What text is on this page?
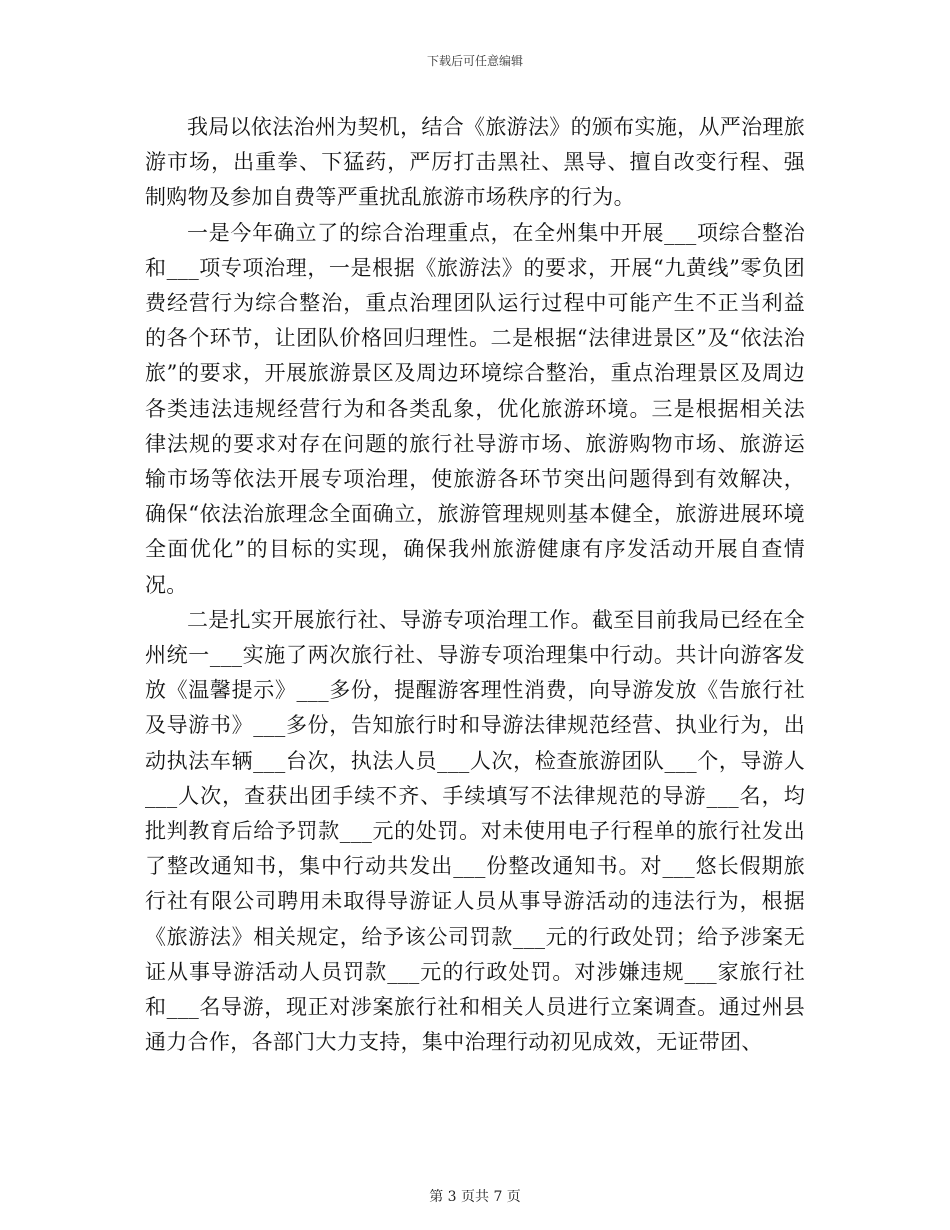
下载后可任意编辑

我局以依法治州为契机，结合《旅游法》的颁布实施，从严治理旅游市场，出重拳、下猛药，严厉打击黑社、黑导、擅自改变行程、强制购物及参加自费等严重扰乱旅游市场秩序的行为。

一是今年确立了的综合治理重点，在全州集中开展___项综合整治和___项专项治理，一是根据《旅游法》的要求，开展“九黄线”零负团费经营行为综合整治，重点治理团队运行过程中可能产生不正当利益的各个环节，让团队价格回归理性。二是根据“法律进景区”及“依法治旅”的要求，开展旅游景区及周边环境综合整治，重点治理景区及周边各类违法违规经营行为和各类乱象，优化旅游环境。三是根据相关法律法规的要求对存在问题的旅行社导游市场、旅游购物市场、旅游运输市场等依法开展专项治理，使旅游各环节突出问题得到有效解决，确保“依法治旅理念全面确立，旅游管理规则基本健全，旅游进展环境全面优化”的目标的实现，确保我州旅游健康有序发活动开展自查情况。

二是扎实开展旅行社、导游专项治理工作。截至目前我局已经在全州统一___实施了两次旅行社、导游专项治理集中行动。共计向游客发放《温馨提示》___多份，提醒游客理性消费，向导游发放《告旅行社及导游书》___多份，告知旅行时和导游法律规范经营、执业行为，出动执法车辆___台次，执法人员___人次，检查旅游团队___个，导游人___人次，查获出团手续不齐、手续填写不法律规范的导游___名，均批判教育后给予罚款___元的处罚。对未使用电子行程单的旅行社发出了整改通知书，集中行动共发出___份整改通知书。对___悠长假期旅行社有限公司聘用未取得导游证人员从事导游活动的违法行为，根据《旅游法》相关规定，给予该公司罚款___元的行政处罚；给予涉案无证从事导游活动人员罚款___元的行政处罚。对涉嫌违规___家旅行社和___名导游，现正对涉案旅行社和相关人员进行立案调查。通过州县通力合作，各部门大力支持，集中治理行动初见成效，无证带团、

第 3 页共 7 页
